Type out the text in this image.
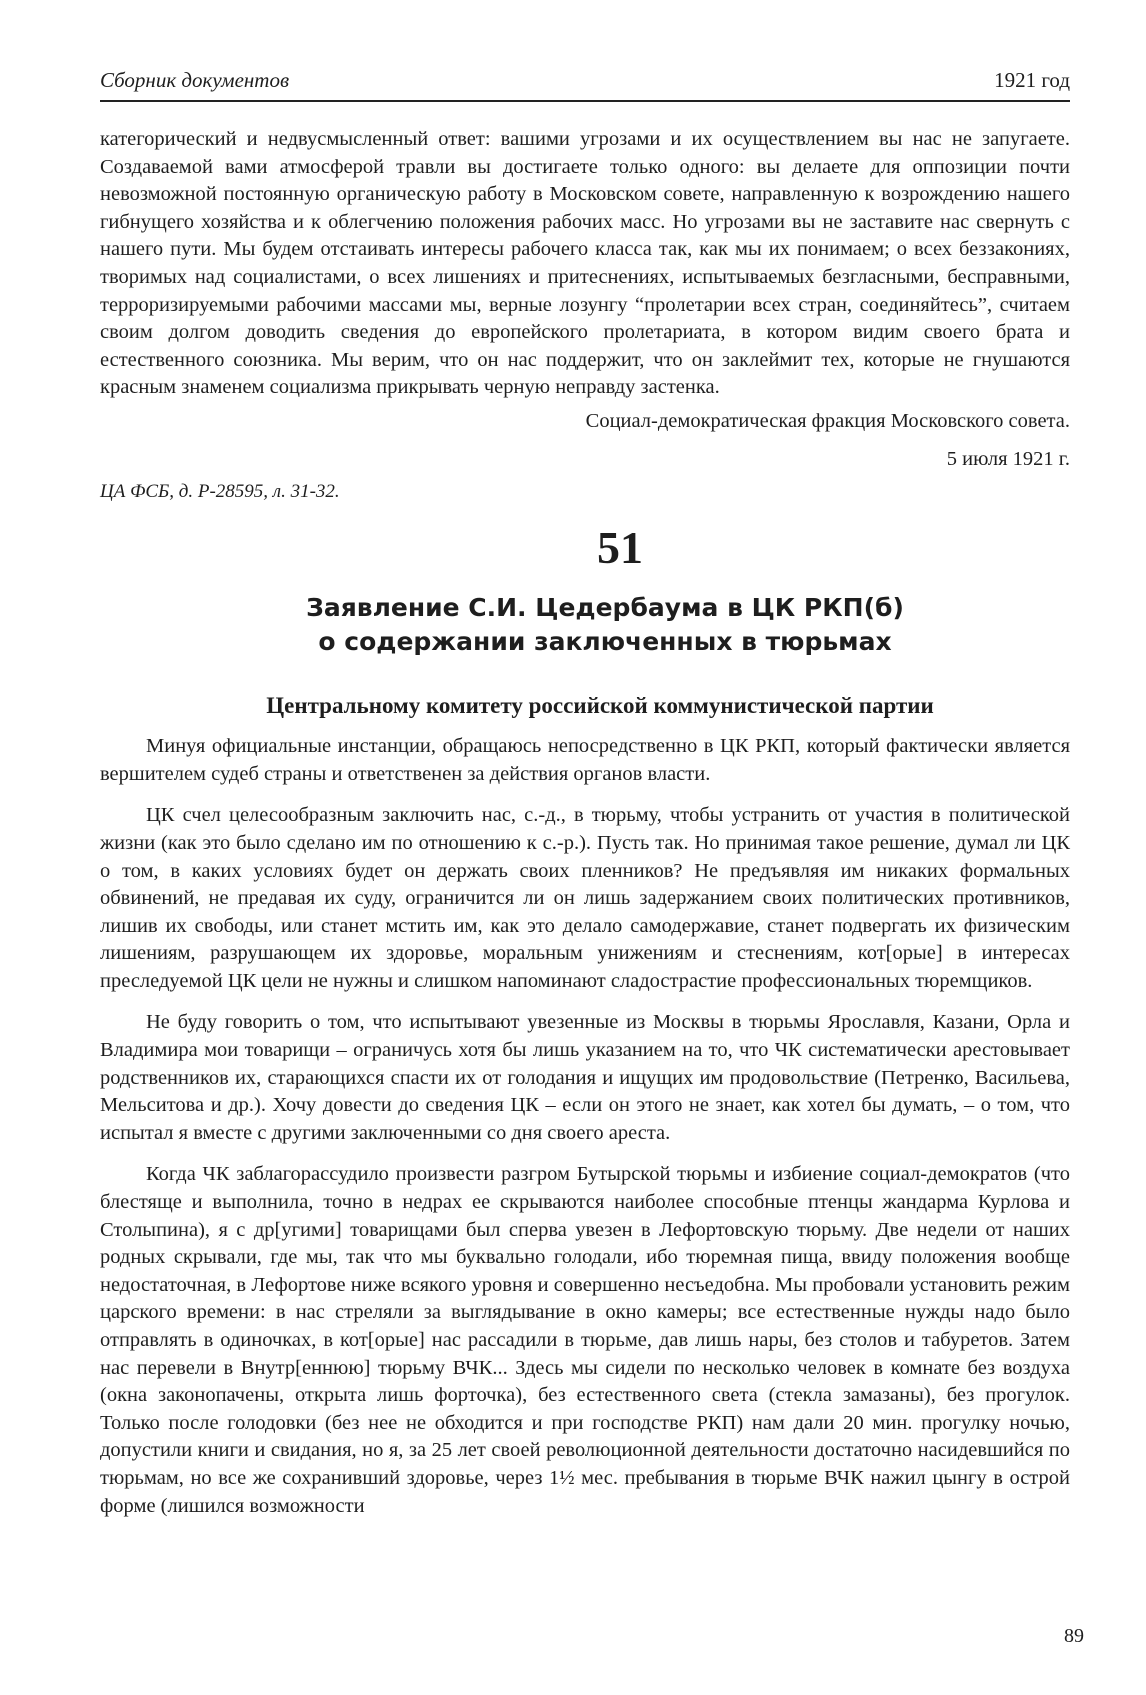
Сборник документов	1921 год

категорический и недвусмысленный ответ: вашими угрозами и их осуществлением вы нас не запугаете. Создаваемой вами атмосферой травли вы достигаете только одного: вы делаете для оппозиции почти невозможной постоянную органическую работу в Московском совете, направленную к возрождению нашего гибнущего хозяйства и к облегчению положения рабочих масс. Но угрозами вы не заставите нас свернуть с нашего пути. Мы будем отстаивать интересы рабочего класса так, как мы их понимаем; о всех беззакониях, творимых над социалистами, о всех лишениях и притеснениях, испытываемых безгласными, бесправными, терроризируемыми рабочими массами мы, верные лозунгу “пролетарии всех стран, соединяйтесь”, считаем своим долгом доводить сведения до европейского пролетариата, в котором видим своего брата и естественного союзника. Мы верим, что он нас поддержит, что он заклеймит тех, которые не гнушаются красным знаменем социализма прикрывать черную неправду застенка.

Социал-демократическая фракция Московского совета.
5 июля 1921 г.
ЦА ФСБ, д. Р-28595, л. 31-32.
51
Заявление С.И. Цедербаума в ЦК РКП(б)
о содержании заключенных в тюрьмах
Центральному комитету российской коммунистической партии

Минуя официальные инстанции, обращаюсь непосредственно в ЦК РКП, который фактически является вершителем судеб страны и ответственен за действия органов власти.

ЦК счел целесообразным заключить нас, с.-д., в тюрьму, чтобы устранить от участия в политической жизни (как это было сделано им по отношению к с.-р.). Пусть так. Но принимая такое решение, думал ли ЦК о том, в каких условиях будет он держать своих пленников? Не предъявляя им никаких формальных обвинений, не предавая их суду, ограничится ли он лишь задержанием своих политических противников, лишив их свободы, или станет мстить им, как это делало самодержавие, станет подвергать их физическим лишениям, разрушающем их здоровье, моральным унижениям и стеснениям, кот[орые] в интересах преследуемой ЦК цели не нужны и слишком напоминают сладострастие профессиональных тюремщиков.

Не буду говорить о том, что испытывают увезенные из Москвы в тюрьмы Ярославля, Казани, Орла и Владимира мои товарищи – ограничусь хотя бы лишь указанием на то, что ЧК систематически арестовывает родственников их, старающихся спасти их от голодания и ищущих им продовольствие (Петренко, Васильева, Мельситова и др.). Хочу довести до сведения ЦК – если он этого не знает, как хотел бы думать, – о том, что испытал я вместе с другими заключенными со дня своего ареста.

Когда ЧК заблагорассудило произвести разгром Бутырской тюрьмы и избиение социал-демократов (что блестяще и выполнила, точно в недрах ее скрываются наиболее способные птенцы жандарма Курлова и Столыпина), я с др[угими] товарищами был сперва увезен в Лефортовскую тюрьму. Две недели от наших родных скрывали, где мы, так что мы буквально голодали, ибо тюремная пища, ввиду положения вообще недостаточная, в Лефортове ниже всякого уровня и совершенно несъедобна. Мы пробовали установить режим царского времени: в нас стреляли за выглядывание в окно камеры; все естественные нужды надо было отправлять в одиночках, в кот[орые] нас рассадили в тюрьме, дав лишь нары, без столов и табуретов. Затем нас перевели в Внутр[еннюю] тюрьму ВЧК... Здесь мы сидели по несколько человек в комнате без воздуха (окна законопачены, открыта лишь форточка), без естественного света (стекла замазаны), без прогулок. Только после голодовки (без нее не обходится и при господстве РКП) нам дали 20 мин. прогулку ночью, допустили книги и свидания, но я, за 25 лет своей революционной деятельности достаточно насидевшийся по тюрьмам, но все же сохранивший здоровье, через 1½ мес. пребывания в тюрьме ВЧК нажил цынгу в острой форме (лишился возможности

89
